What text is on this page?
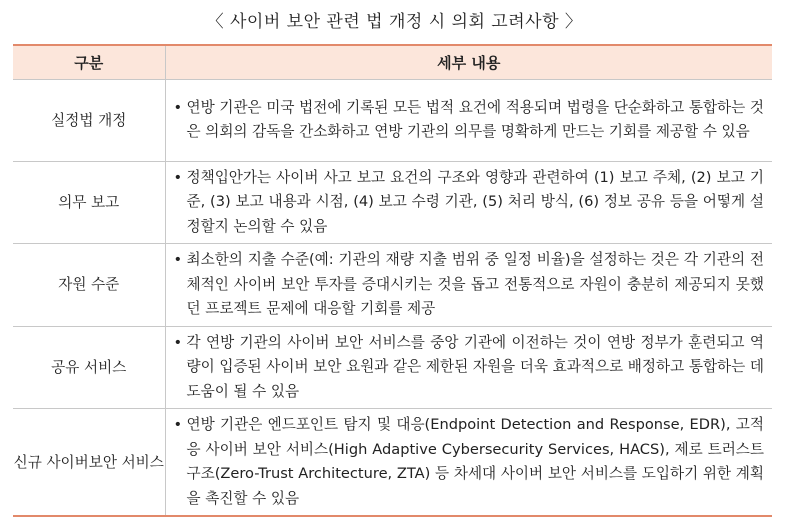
〈 사이버 보안 관련 법 개정 시 의회 고려사항 〉
구분	세부 내용
실정법 개정	• 연방 기관은 미국 법전에 기록된 모든 법적 요건에 적용되며 법령을 단순화하고 통합하는 것은 의회의 감독을 간소화하고 연방 기관의 의무를 명확하게 만드는 기회를 제공할 수 있음

의무 보고	• 정책입안가는 사이버 사고 보고 요건의 구조와 영향과 관련하여 (1) 보고 주체, (2) 보고 기준, (3) 보고 내용과 시점, (4) 보고 수령 기관, (5) 처리 방식, (6) 정보 공유 등을 어떻게 설정할지 논의할 수 있음

자원 수준	• 최소한의 지출 수준(예: 기관의 재량 지출 범위 중 일정 비율)을 설정하는 것은 각 기관의 전체적인 사이버 보안 투자를 증대시키는 것을 돕고 전통적으로 자원이 충분히 제공되지 못했던 프로젝트 문제에 대응할 기회를 제공

공유 서비스	• 각 연방 기관의 사이버 보안 서비스를 중앙 기관에 이전하는 것이 연방 정부가 훈련되고 역량이 입증된 사이버 보안 요원과 같은 제한된 자원을 더욱 효과적으로 배정하고 통합하는 데 도움이 될 수 있음

신규 사이버보안 서비스	• 연방 기관은 엔드포인트 탐지 및 대응(Endpoint Detection and Response, EDR), 고적응 사이버 보안 서비스(High Adaptive Cybersecurity Services, HACS), 제로 트러스트 구조(Zero-Trust Architecture, ZTA) 등 차세대 사이버 보안 서비스를 도입하기 위한 계획을 촉진할 수 있음
